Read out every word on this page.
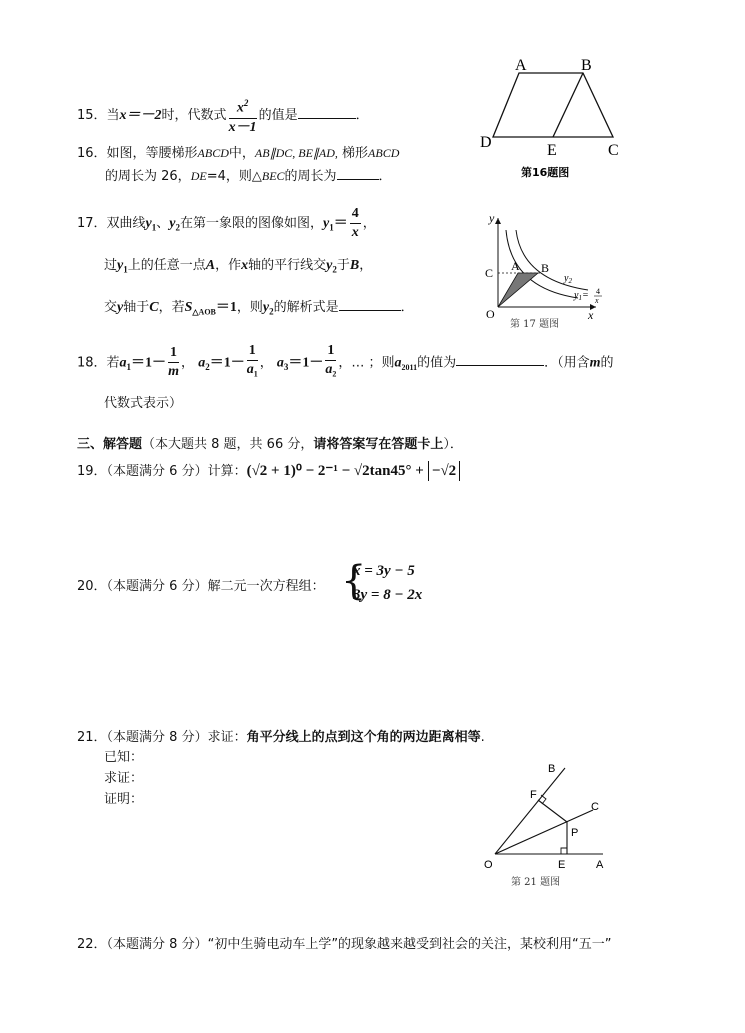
15．当x＝－2时，代数式 $\frac{x^2}{x-1}$ 的值是	．
16．如图，等腰梯形ABCD中，AB∥DC, BE∥AD, 梯形ABCD
的周长为 26，DE=4，则△BEC的周长为	．
A	B
C
D	E
第16题图
17．双曲线$y_1$、$y_2$在第一象限的图像如图，$y_1= \frac{4}{x}$ ，
过$y_1$上的任意一点A，作x轴的平行线交$y_2$于B，
交y轴于C，若$S_{\triangle AOB}=1$，则$y_2$的解析式是	．
y
x
C A B
O
$y_2$
$y_1= 4$
x
第 17 题图
18．若$a_1=1- \frac{1}{m}$ ， $a_2=1- \frac{1}{a_1}$ ， $a_3=1- \frac{1}{a_2}$ ，… ；则$a_{2011}$的值为	．（用含m的
代数式表示）
三、解答题（本大题共 8 题，共 66 分，请将答案写在答题卡上）．
19．（本题满分 6 分）计算：(√2 + 1)⁰ − 2⁻¹ − √2tan45° + −√2
20．（本题满分 6 分）解二元一次方程组： {
x = 3y − 5
3y = 8 − 2x
21．（本题满分 8 分）求证：角平分线上的点到这个角的两边距离相等.
已知：
求证：
证明：
B
F
C
P
O	E	A
第 21 题图
22．（本题满分 8 分）“初中生骑电动车上学”的现象越来越受到社会的关注，某校利用“五一”
